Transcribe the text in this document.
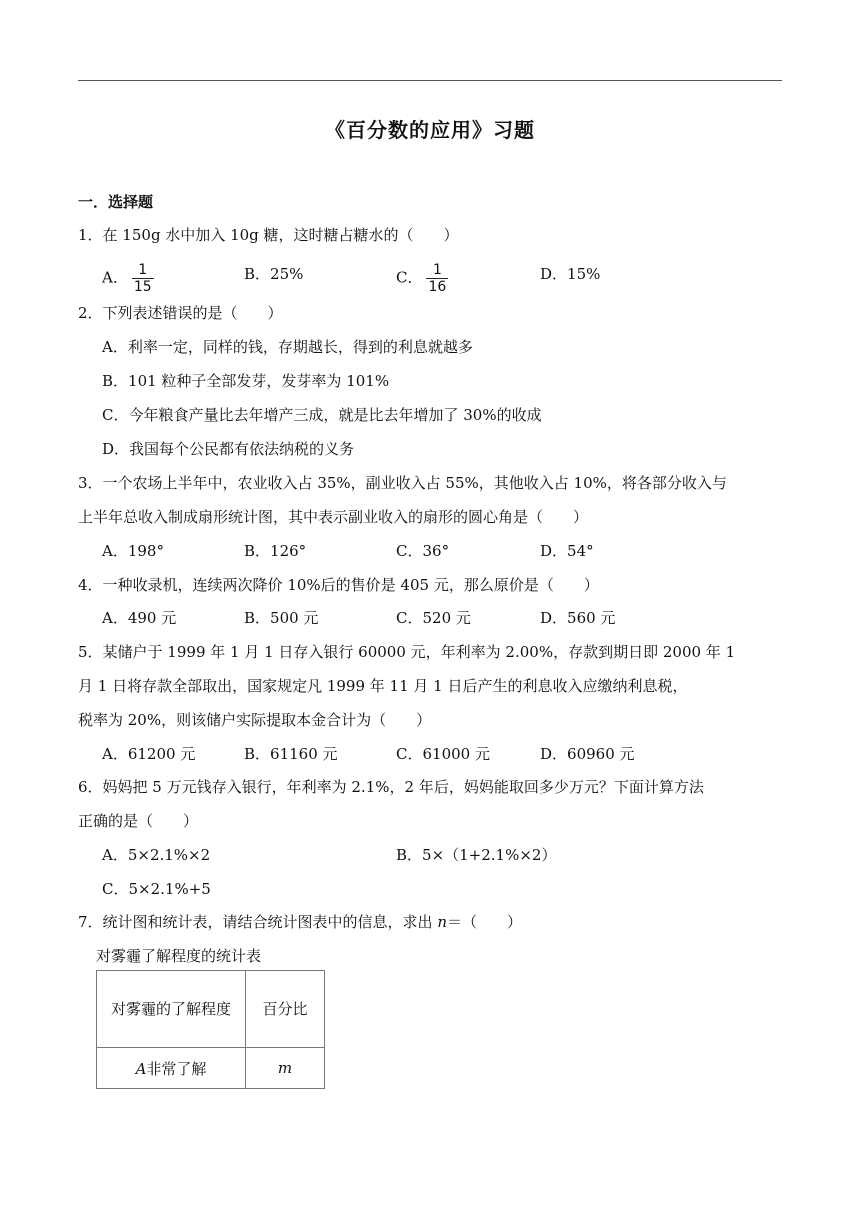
《百分数的应用》习题
一．选择题
1．在 150g 水中加入 10g 糖，这时糖占糖水的（　　）
A． $\frac{1}{15}$	B．25%	C． $\frac{1}{16}$	D．15%
2．下列表述错误的是（　　）
A．利率一定，同样的钱，存期越长，得到的利息就越多
B．101 粒种子全部发芽，发芽率为 101%
C．今年粮食产量比去年增产三成，就是比去年增加了 30%的收成
D．我国每个公民都有依法纳税的义务
3．一个农场上半年中，农业收入占 35%，副业收入占 55%，其他收入占 10%，将各部分收入与
上半年总收入制成扇形统计图，其中表示副业收入的扇形的圆心角是（　　）
A．198°	B．126°	C．36°	D．54°
4．一种收录机，连续两次降价 10%后的售价是 405 元，那么原价是（　　）
A．490 元	B．500 元	C．520 元	D．560 元
5．某储户于 1999 年 1 月 1 日存入银行 60000 元，年利率为 2.00%，存款到期日即 2000 年 1
月 1 日将存款全部取出，国家规定凡 1999 年 11 月 1 日后产生的利息收入应缴纳利息税，
税率为 20%，则该储户实际提取本金合计为（　　）
A．61200 元	B．61160 元	C．61000 元	D．60960 元
6．妈妈把 5 万元钱存入银行，年利率为 2.1%，2 年后，妈妈能取回多少万元？下面计算方法
正确的是（　　）
A．5×2.1%×2	B．5×（1+2.1%×2）
C．5×2.1%+5
7．统计图和统计表，请结合统计图表中的信息，求出 n＝（　　）
对雾霾了解程度的统计表
对雾霾的了解程度	百分比
A非常了解	m
